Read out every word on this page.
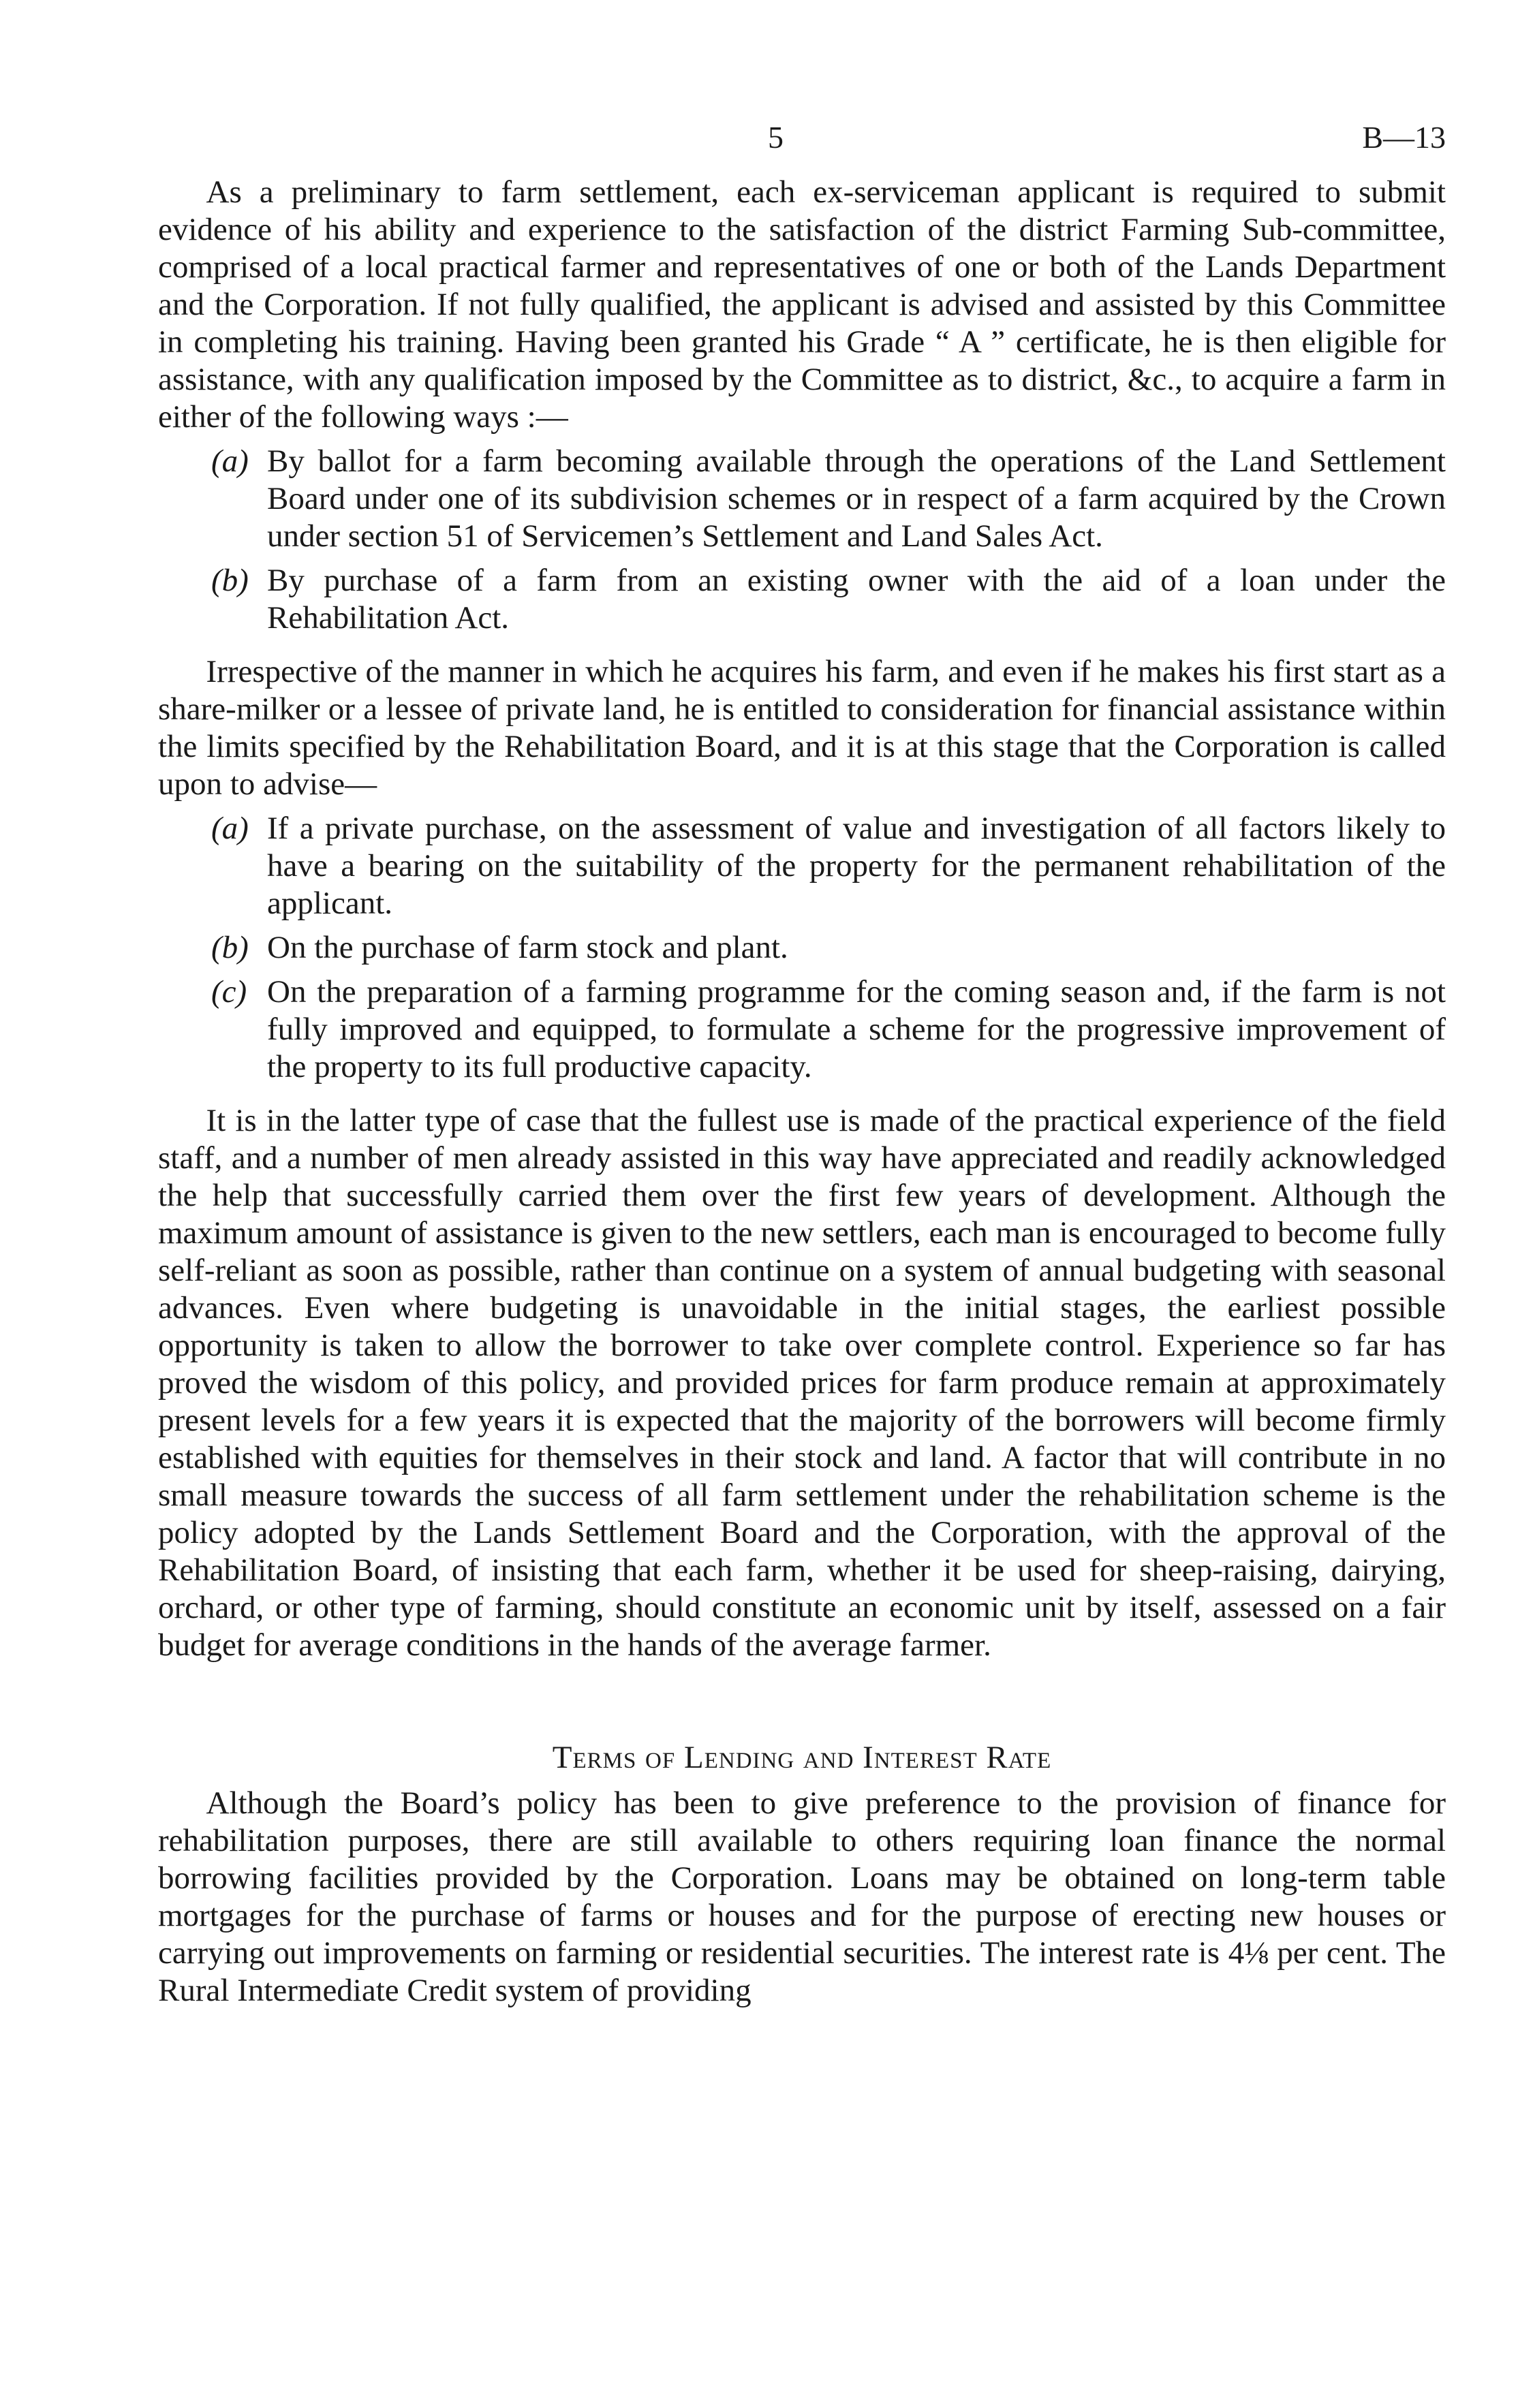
5	B—13

As a preliminary to farm settlement, each ex-serviceman applicant is required to submit evidence of his ability and experience to the satisfaction of the district Farming Sub-committee, comprised of a local practical farmer and representatives of one or both of the Lands Department and the Corporation. If not fully qualified, the applicant is advised and assisted by this Committee in completing his training. Having been granted his Grade “ A ” certificate, he is then eligible for assistance, with any qualification imposed by the Committee as to district, &c., to acquire a farm in either of the following ways :—

(a) By ballot for a farm becoming available through the operations of the Land Settlement Board under one of its subdivision schemes or in respect of a farm acquired by the Crown under section 51 of Servicemen’s Settlement and Land Sales Act.
(b) By purchase of a farm from an existing owner with the aid of a loan under the Rehabilitation Act.

Irrespective of the manner in which he acquires his farm, and even if he makes his first start as a share-milker or a lessee of private land, he is entitled to consideration for financial assistance within the limits specified by the Rehabilitation Board, and it is at this stage that the Corporation is called upon to advise—

(a) If a private purchase, on the assessment of value and investigation of all factors likely to have a bearing on the suitability of the property for the permanent rehabilitation of the applicant.
(b) On the purchase of farm stock and plant.
(c) On the preparation of a farming programme for the coming season and, if the farm is not fully improved and equipped, to formulate a scheme for the progressive improvement of the property to its full productive capacity.

It is in the latter type of case that the fullest use is made of the practical experience of the field staff, and a number of men already assisted in this way have appreciated and readily acknowledged the help that successfully carried them over the first few years of development. Although the maximum amount of assistance is given to the new settlers, each man is encouraged to become fully self-reliant as soon as possible, rather than continue on a system of annual budgeting with seasonal advances. Even where budgeting is unavoidable in the initial stages, the earliest possible opportunity is taken to allow the borrower to take over complete control. Experience so far has proved the wisdom of this policy, and provided prices for farm produce remain at approximately present levels for a few years it is expected that the majority of the borrowers will become firmly established with equities for themselves in their stock and land. A factor that will contribute in no small measure towards the success of all farm settlement under the rehabilitation scheme is the policy adopted by the Lands Settlement Board and the Corporation, with the approval of the Rehabilitation Board, of insisting that each farm, whether it be used for sheep-raising, dairying, orchard, or other type of farming, should constitute an economic unit by itself, assessed on a fair budget for average conditions in the hands of the average farmer.

Terms of Lending and Interest Rate

Although the Board’s policy has been to give preference to the provision of finance for rehabilitation purposes, there are still available to others requiring loan finance the normal borrowing facilities provided by the Corporation. Loans may be obtained on long-term table mortgages for the purchase of farms or houses and for the purpose of erecting new houses or carrying out improvements on farming or residential securities. The interest rate is 4⅛ per cent. The Rural Intermediate Credit system of providing
